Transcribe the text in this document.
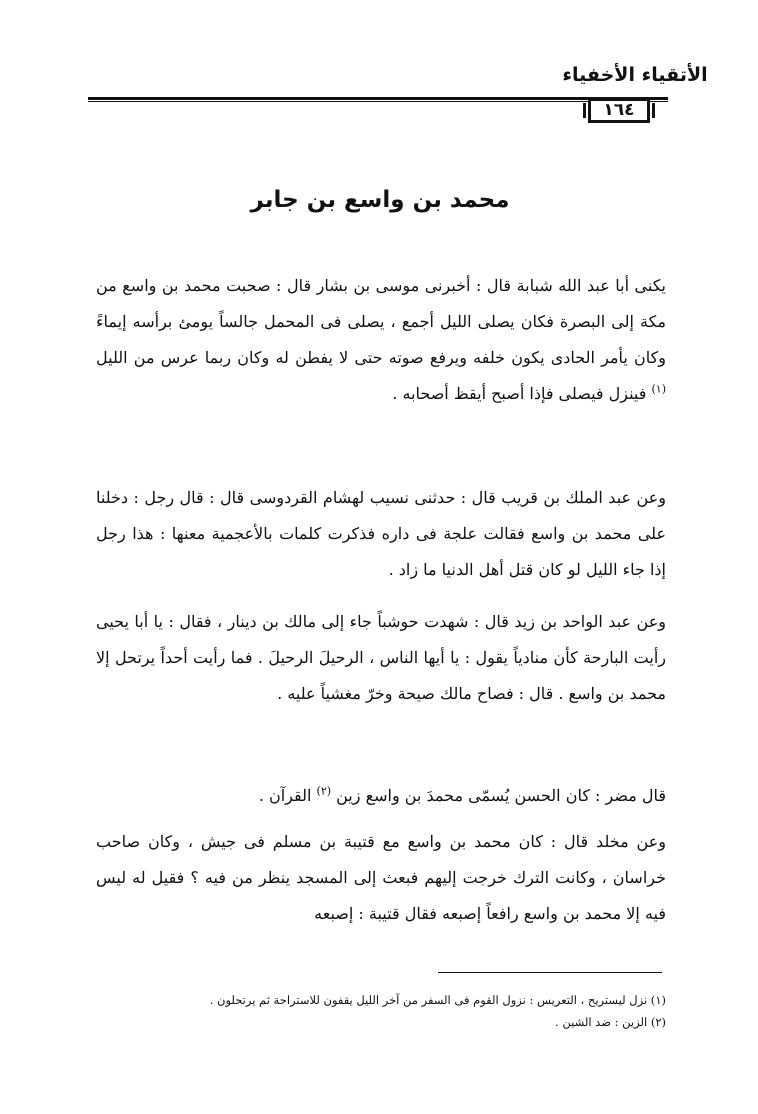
الأتقياء الأخفياء
١٦٤
محمد بن واسع بن جابر

يكنى أبا عبد الله شبابة قال : أخبرنى موسى بن بشار قال : صحبت محمد بن واسع من مكة إلى البصرة فكان يصلى الليل أجمع ، يصلى فى المحمل جالساً يومئ برأسه إيماءً وكان يأمر الحادى يكون خلفه ويرفع صوته حتى لا يفطن له وكان ربما عرس من الليل $^{(١)}$ فينزل فيصلى فإذا أصبح أيقظ أصحابه .

وعن عبد الملك بن قريب قال : حدثنى نسيب لهشام القردوسى قال : قال رجل : دخلنا على محمد بن واسع فقالت علجة فى داره فذكرت كلمات بالأعجمية معنها : هذا رجل إذا جاء الليل لو كان قتل أهل الدنيا ما زاد .

وعن عبد الواحد بن زيد قال : شهدت حوشباً جاء إلى مالك بن دينار ، فقال : يا أبا يحيى رأيت البارحة كأن منادياً يقول : يا أيها الناس ، الرحيلَ الرحيلَ . فما رأيت أحداً يرتحل إلا محمد بن واسع . قال : فصاح مالك صيحة وخرّ مغشياً عليه .

قال مضر : كان الحسن يُسمّى محمدَ بن واسع زين $^{(٢)}$ القرآن .

وعن مخلد قال : كان محمد بن واسع مع قتيبة بن مسلم فى جيش ، وكان صاحب خراسان ، وكانت الترك خرجت إليهم فبعث إلى المسجد ينظر من فيه ؟ فقيل له ليس فيه إلا محمد بن واسع رافعاً إصبعه فقال قتيبة : إصبعه

(١) نزل ليستريح ، التعريس : نزول القوم فى السفر من آخر الليل يقفون للاستراحة ثم يرتحلون .

(٢) الزين : ضد الشين .
